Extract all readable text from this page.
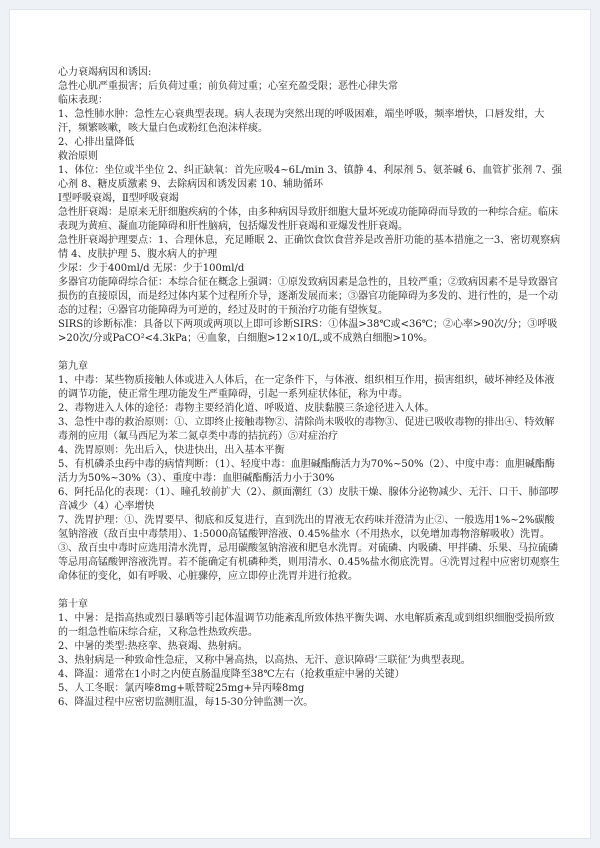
心力衰竭病因和诱因:

急性心肌严重损害；后负荷过重；前负荷过重；心室充盈受限；恶性心律失常

临床表现：

1、急性肺水肿：急性左心衰典型表现。病人表现为突然出现的呼吸困难，端坐呼吸，频率增快，口唇发绀，大汗，频繁咳嗽，咳大量白色或粉红色泡沫样痰。

2、心排出量降低

救治原则

1、体位：坐位或半坐位 2、纠正缺氧：首先应吸4~6L/min 3、镇静 4、利尿剂 5、氨茶碱 6、血管扩张剂 7、强心剂 8、糖皮质激素 9、去除病因和诱发因素 10、辅助循环

Ⅰ型呼吸衰竭，Ⅱ型呼吸衰竭

急性肝衰竭：是原来无肝细胞疾病的个体，由多种病因导致肝细胞大量坏死或功能障碍而导致的一种综合症。临床表现为黄疸、凝血功能障碍和肝性脑病，包括爆发性肝衰竭和亚爆发性肝衰竭。

急性肝衰竭护理要点：1、合理休息，充足睡眠 2、正确饮食饮食营养是改善肝功能的基本措施之一3、密切观察病情 4、皮肤护理 5、腹水病人的护理

少尿：少于400ml/d 无尿：少于100ml/d

多器官功能障碍综合征：本综合征在概念上强调：①原发致病因素是急性的，且较严重；②致病因素不是导致器官损伤的直接原因，而是经过体内某个过程所介导，逐渐发展而来；③器官功能障碍为多发的、进行性的，是一个动态的过程；④器官功能障碍为可逆的，经过及时的干预治疗功能有望恢复。

SIRS的诊断标准：具备以下两项或两项以上即可诊断SIRS：①体温>38℃或<36℃；②心率>90次/分；③呼吸>20次/分或PaCO²<4.3kPa；④血象，白细胞>12×10/L,或不成熟白细胞>10%。

第九章

1、中毒：某些物质接触人体或进入人体后，在一定条件下，与体液、组织相互作用，损害组织，破坏神经及体液的调节功能，使正常生理功能发生严重障碍，引起一系列症状体征，称为中毒。

2、毒物进入人体的途径：毒物主要经消化道、呼吸道、皮肤黏膜三条途径进入人体。

3、急性中毒的救治原则：①、立即终止接触毒物②、清除尚未吸收的毒物③、促进已吸收毒物的排出④、特效解毒剂的应用（氟马西尼为苯二氮卓类中毒的拮抗药）⑤对症治疗

4、洗胃原则：先出后入，快进快出，出入基本平衡

5、有机磷杀虫药中毒的病情判断：（1）、轻度中毒：血胆碱酯酶活力为70%~50%（2）、中度中毒：血胆碱酯酶活力为50%~30%（3）、重度中毒：血胆碱酯酶活力小于30%

6、阿托品化的表现：（1）、瞳孔较前扩大（2）、颜面潮红（3）皮肤干燥、腺体分泌物减少、无汗、口干、肺部啰音减少（4）心率增快

7、洗胃护理：①、洗胃要早、彻底和反复进行，直到洗出的胃液无农药味并澄清为止②、一般选用1%~2%碳酸氢钠溶液（敌百虫中毒禁用）、1:5000高锰酸钾溶液、0.45%盐水（不用热水，以免增加毒物溶解吸收）洗胃。③、敌百虫中毒时应选用清水洗胃，忌用碳酸氢钠溶液和肥皂水洗胃。对硫磷、内吸磷、甲拌磷、乐果、马拉硫磷等忌用高锰酸钾溶液洗胃。若不能确定有机磷种类，则用清水、0.45%盐水彻底洗胃。④洗胃过程中应密切观察生命体征的变化，如有呼吸、心脏骤停，应立即停止洗胃并进行抢救。

第十章

1、中暑：是指高热或烈日暴晒等引起体温调节功能紊乱所致体热平衡失调、水电解质紊乱或到组织细胞受损所致的一组急性临床综合症，又称急性热致疾患。

2、中暑的类型:热痉挛、热衰竭、热射病。

3、热射病是一种致命性急症，又称中暑高热，以高热、无汗、意识障碍‘三联征’为典型表现。

4、降温：通常在1小时之内使直肠温度降至38℃左右（抢救重症中暑的关键）

5、人工冬眠：氯丙嗪8mg+哌替啶25mg+异丙嗪8mg

6、降温过程中应密切监测肛温，每15-30分钟监测一次。
